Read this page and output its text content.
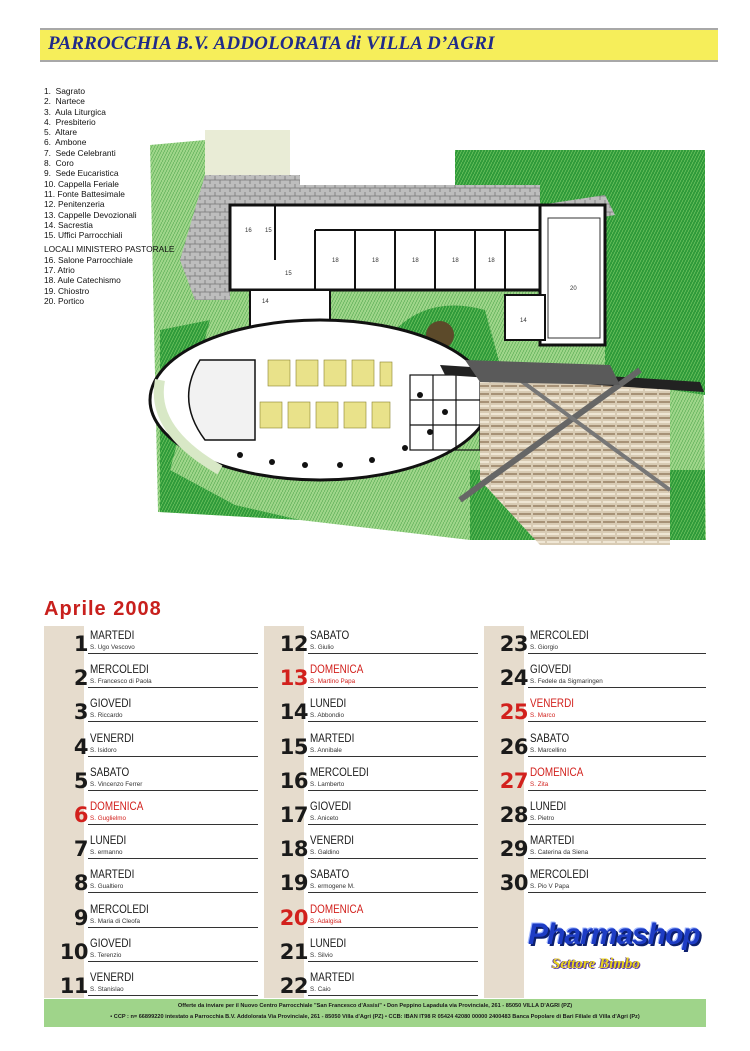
PARROCCHIA B.V. ADDOLORATA di VILLA D’AGRI
16 15
15
18	18	18	18	18
20
14
14
1.  Sagrato
2.  Nartece
3.  Aula Liturgica
4.  Presbiterio
5.  Altare
6.  Ambone
7.  Sede Celebranti
8.  Coro
9.  Sede Eucaristica
10. Cappella Feriale
11. Fonte Battesimale
12. Penitenzeria
13. Cappelle Devozionali
14. Sacrestia
15. Uffici Parrocchiali
LOCALI MINISTERO PASTORALE
16. Salone Parrocchiale
17. Atrio
18. Aule Catechismo
19. Chiostro
20. Portico
Aprile 2008
1 MARTEDI
S. Ugo Vescovo
2 MERCOLEDI
S. Francesco di Paola
3 GIOVEDI
S. Riccardo
4 VENERDI
S. Isidoro
5 SABATO
S. Vincenzo Ferrer
6 DOMENICA
S. Guglielmo
7 LUNEDI
S. ermanno
8 MARTEDI
S. Gualtiero
9 MERCOLEDI
S. Maria di Cleofa
10 GIOVEDI
S. Terenzio
11 VENERDI
S. Stanislao
12 SABATO
S. Giulio
13 DOMENICA
S. Martino Papa
14 LUNEDI
S. Abbondio
15 MARTEDI
S. Annibale
16 MERCOLEDI
S. Lamberto
17 GIOVEDI
S. Aniceto
18 VENERDI
S. Galdino
19 SABATO
S. ermogene M.
20 DOMENICA
S. Adalgisa
21 LUNEDI
S. Silvio
22 MARTEDI
S. Caio
23 MERCOLEDI
S. Giorgio
24 GIOVEDI
S. Fedele da Sigmaringen
25 VENERDI
S. Marco
26 SABATO
S. Marcellino
27 DOMENICA
S. Zita
28 LUNEDI
S. Pietro
29 MARTEDI
S. Caterina da Siena
30 MERCOLEDI
S. Pio V Papa
Pharmashop
Settore Bimbo
Offerte da inviare per il Nuovo Centro Parrocchiale "San Francesco d'Assisi" • Don Peppino Lapadula via Provinciale, 261 - 85050 VILLA D'AGRI (PZ)
• CCP : n= 66899220 intestato a Parrocchia B.V. Addolorata Via Provinciale, 261 - 85050 Villa d'Agri (PZ) • CCB: IBAN IT98 R 05424 42080 00000 2400483 Banca Popolare di Bari Filiale di Villa d'Agri (Pz)
